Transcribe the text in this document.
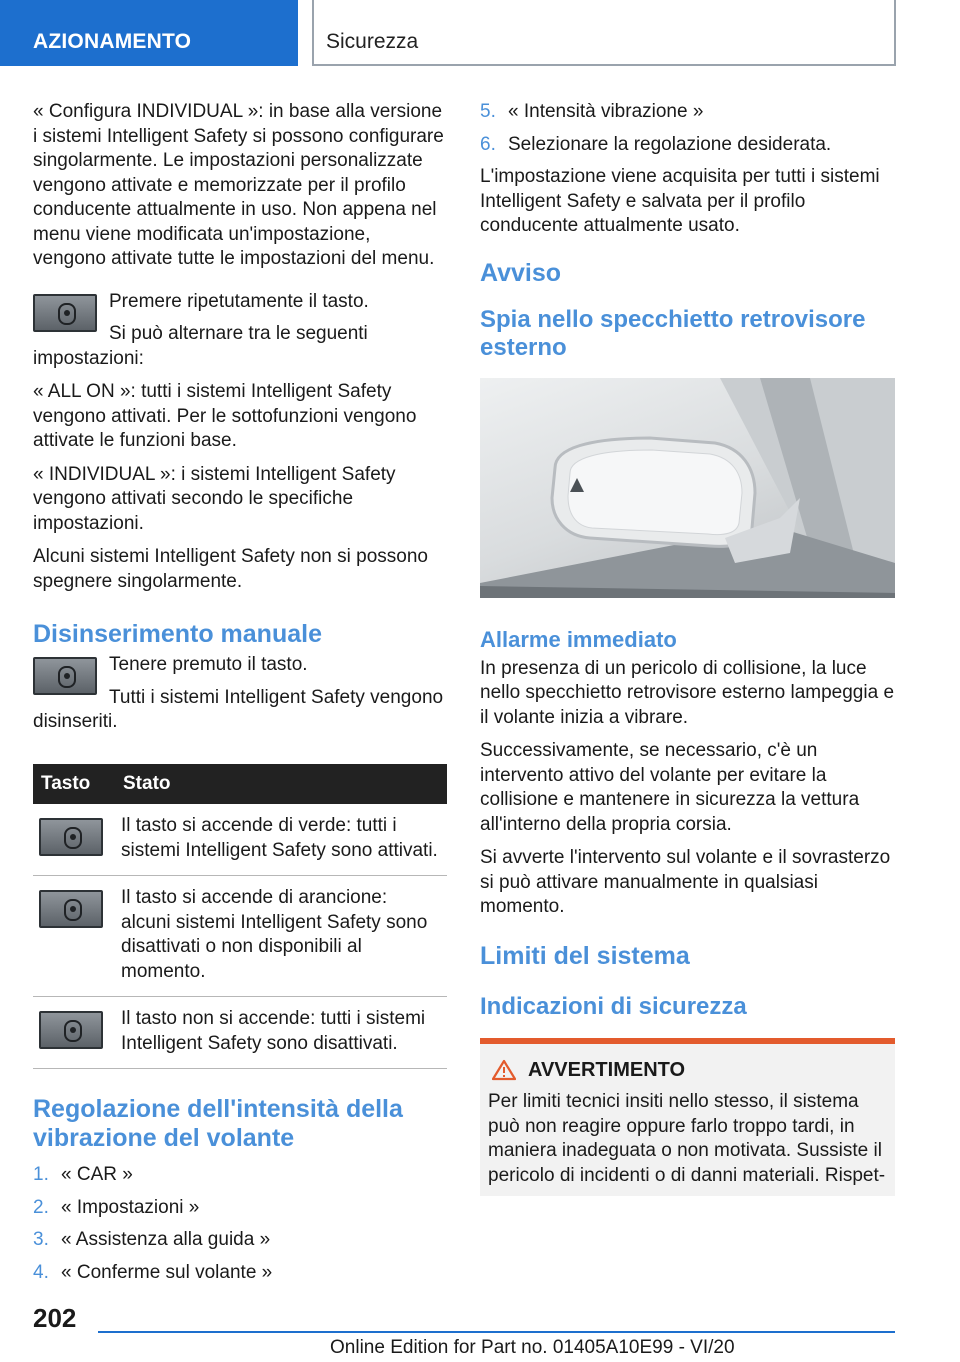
AZIONAMENTO	Sicurezza

« Configura INDIVIDUAL »: in base alla versione i sistemi Intelligent Safety si possono configurare singolarmente. Le impostazioni personalizzate vengono attivate e memorizzate per il profilo conducente attualmente in uso. Non appena nel menu viene modificata un'impostazione, vengono attivate tutte le impostazioni del menu.

Premere ripetutamente il tasto.

Si può alternare tra le seguenti impostazioni:

« ALL ON »: tutti i sistemi Intelligent Safety vengono attivati. Per le sottofunzioni vengono attivate le funzioni base.

« INDIVIDUAL »: i sistemi Intelligent Safety vengono attivati secondo le specifiche impostazioni.

Alcuni sistemi Intelligent Safety non si possono spegnere singolarmente.

Disinserimento manuale

Tenere premuto il tasto.

Tutti i sistemi Intelligent Safety vengono disinseriti.

Tasto	Stato

	Il tasto si accende di verde: tutti i sistemi Intelligent Safety sono attivati.

	Il tasto si accende di arancione: alcuni sistemi Intelligent Safety sono disattivati o non disponibili al momento.

	Il tasto non si accende: tutti i sistemi Intelligent Safety sono disattivati.
Regolazione dell'intensità della vibrazione del volante
1. « CAR »
2. « Impostazioni »
3. « Assistenza alla guida »
4. « Conferme sul volante »
5. « Intensità vibrazione »
6. Selezionare la regolazione desiderata.

L'impostazione viene acquisita per tutti i sistemi Intelligent Safety e salvata per il profilo conducente attualmente usato.

Avviso
Spia nello specchietto retrovisore esterno
Allarme immediato

In presenza di un pericolo di collisione, la luce nello specchietto retrovisore esterno lampeggia e il volante inizia a vibrare.

Successivamente, se necessario, c'è un intervento attivo del volante per evitare la collisione e mantenere in sicurezza la vettura all'interno della propria corsia.

Si avverte l'intervento sul volante e il sovrasterzo si può attivare manualmente in qualsiasi momento.

Limiti del sistema
Indicazioni di sicurezza
AVVERTIMENTO

Per limiti tecnici insiti nello stesso, il sistema può non reagire oppure farlo troppo tardi, in maniera inadeguata o non motivata. Sussiste il pericolo di incidenti o di danni materiali. Rispet-

202
Online Edition for Part no. 01405A10E99 - VI/20
